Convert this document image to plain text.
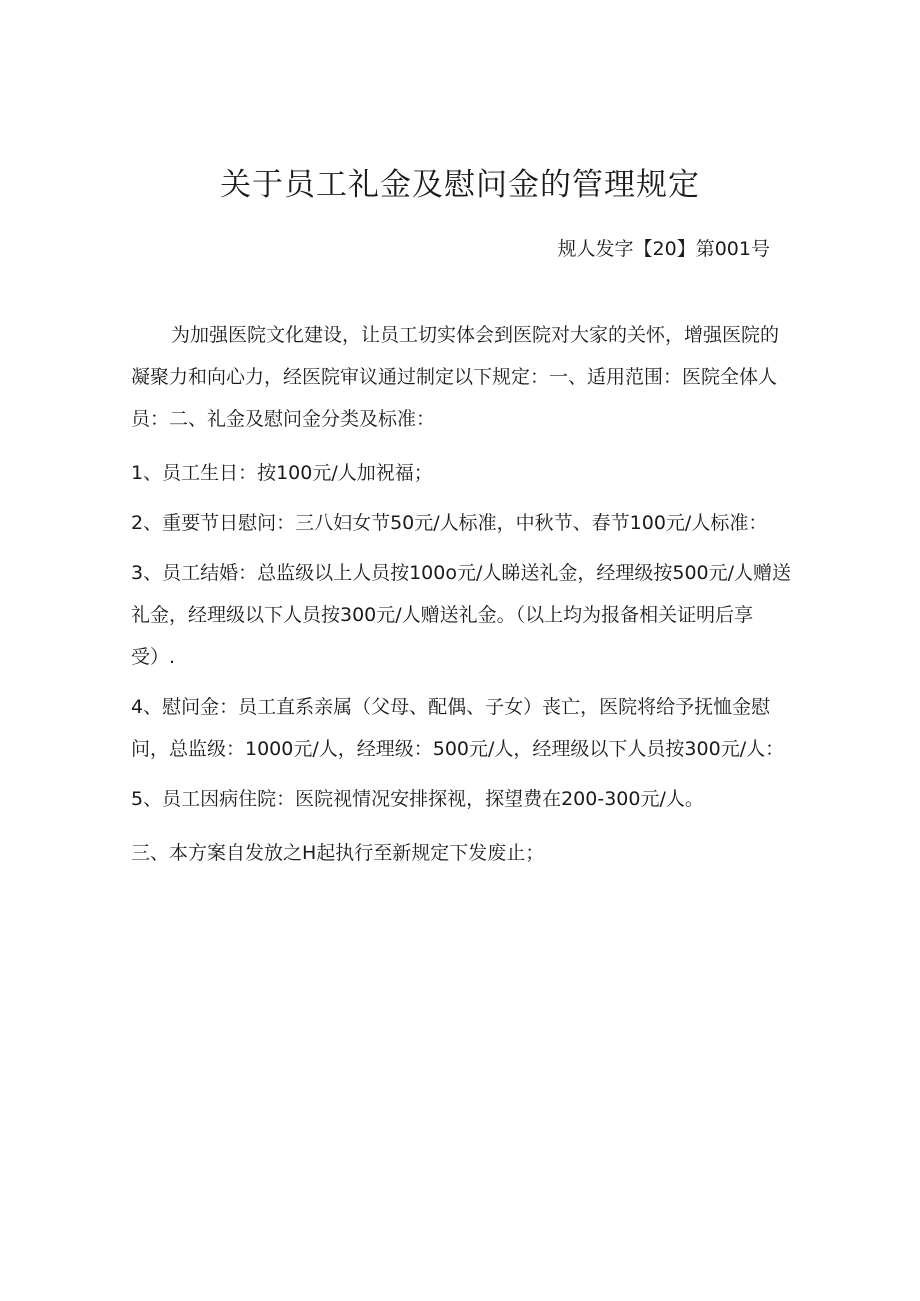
关于员工礼金及慰问金的管理规定
规人发字【20】第001号

为加强医院文化建设，让员工切实体会到医院对大家的关怀，增强医院的凝聚力和向心力，经医院审议通过制定以下规定：一、适用范围：医院全体人员：二、礼金及慰问金分类及标准：

1、员工生日：按100元/人加祝福；

2、重要节日慰问：三八妇女节50元/人标准，中秋节、春节100元/人标准：

3、员工结婚：总监级以上人员按100o元/人睇送礼金，经理级按500元/人赠送礼金，经理级以下人员按300元/人赠送礼金。（以上均为报备相关证明后享受）.

4、慰问金：员工直系亲属（父母、配偶、子女）丧亡，医院将给予抚恤金慰问，总监级：1000元/人，经理级：500元/人，经理级以下人员按300元/人：

5、员工因病住院：医院视情况安排探视，探望费在200-300元/人。

三、本方案自发放之H起执行至新规定下发废止；
